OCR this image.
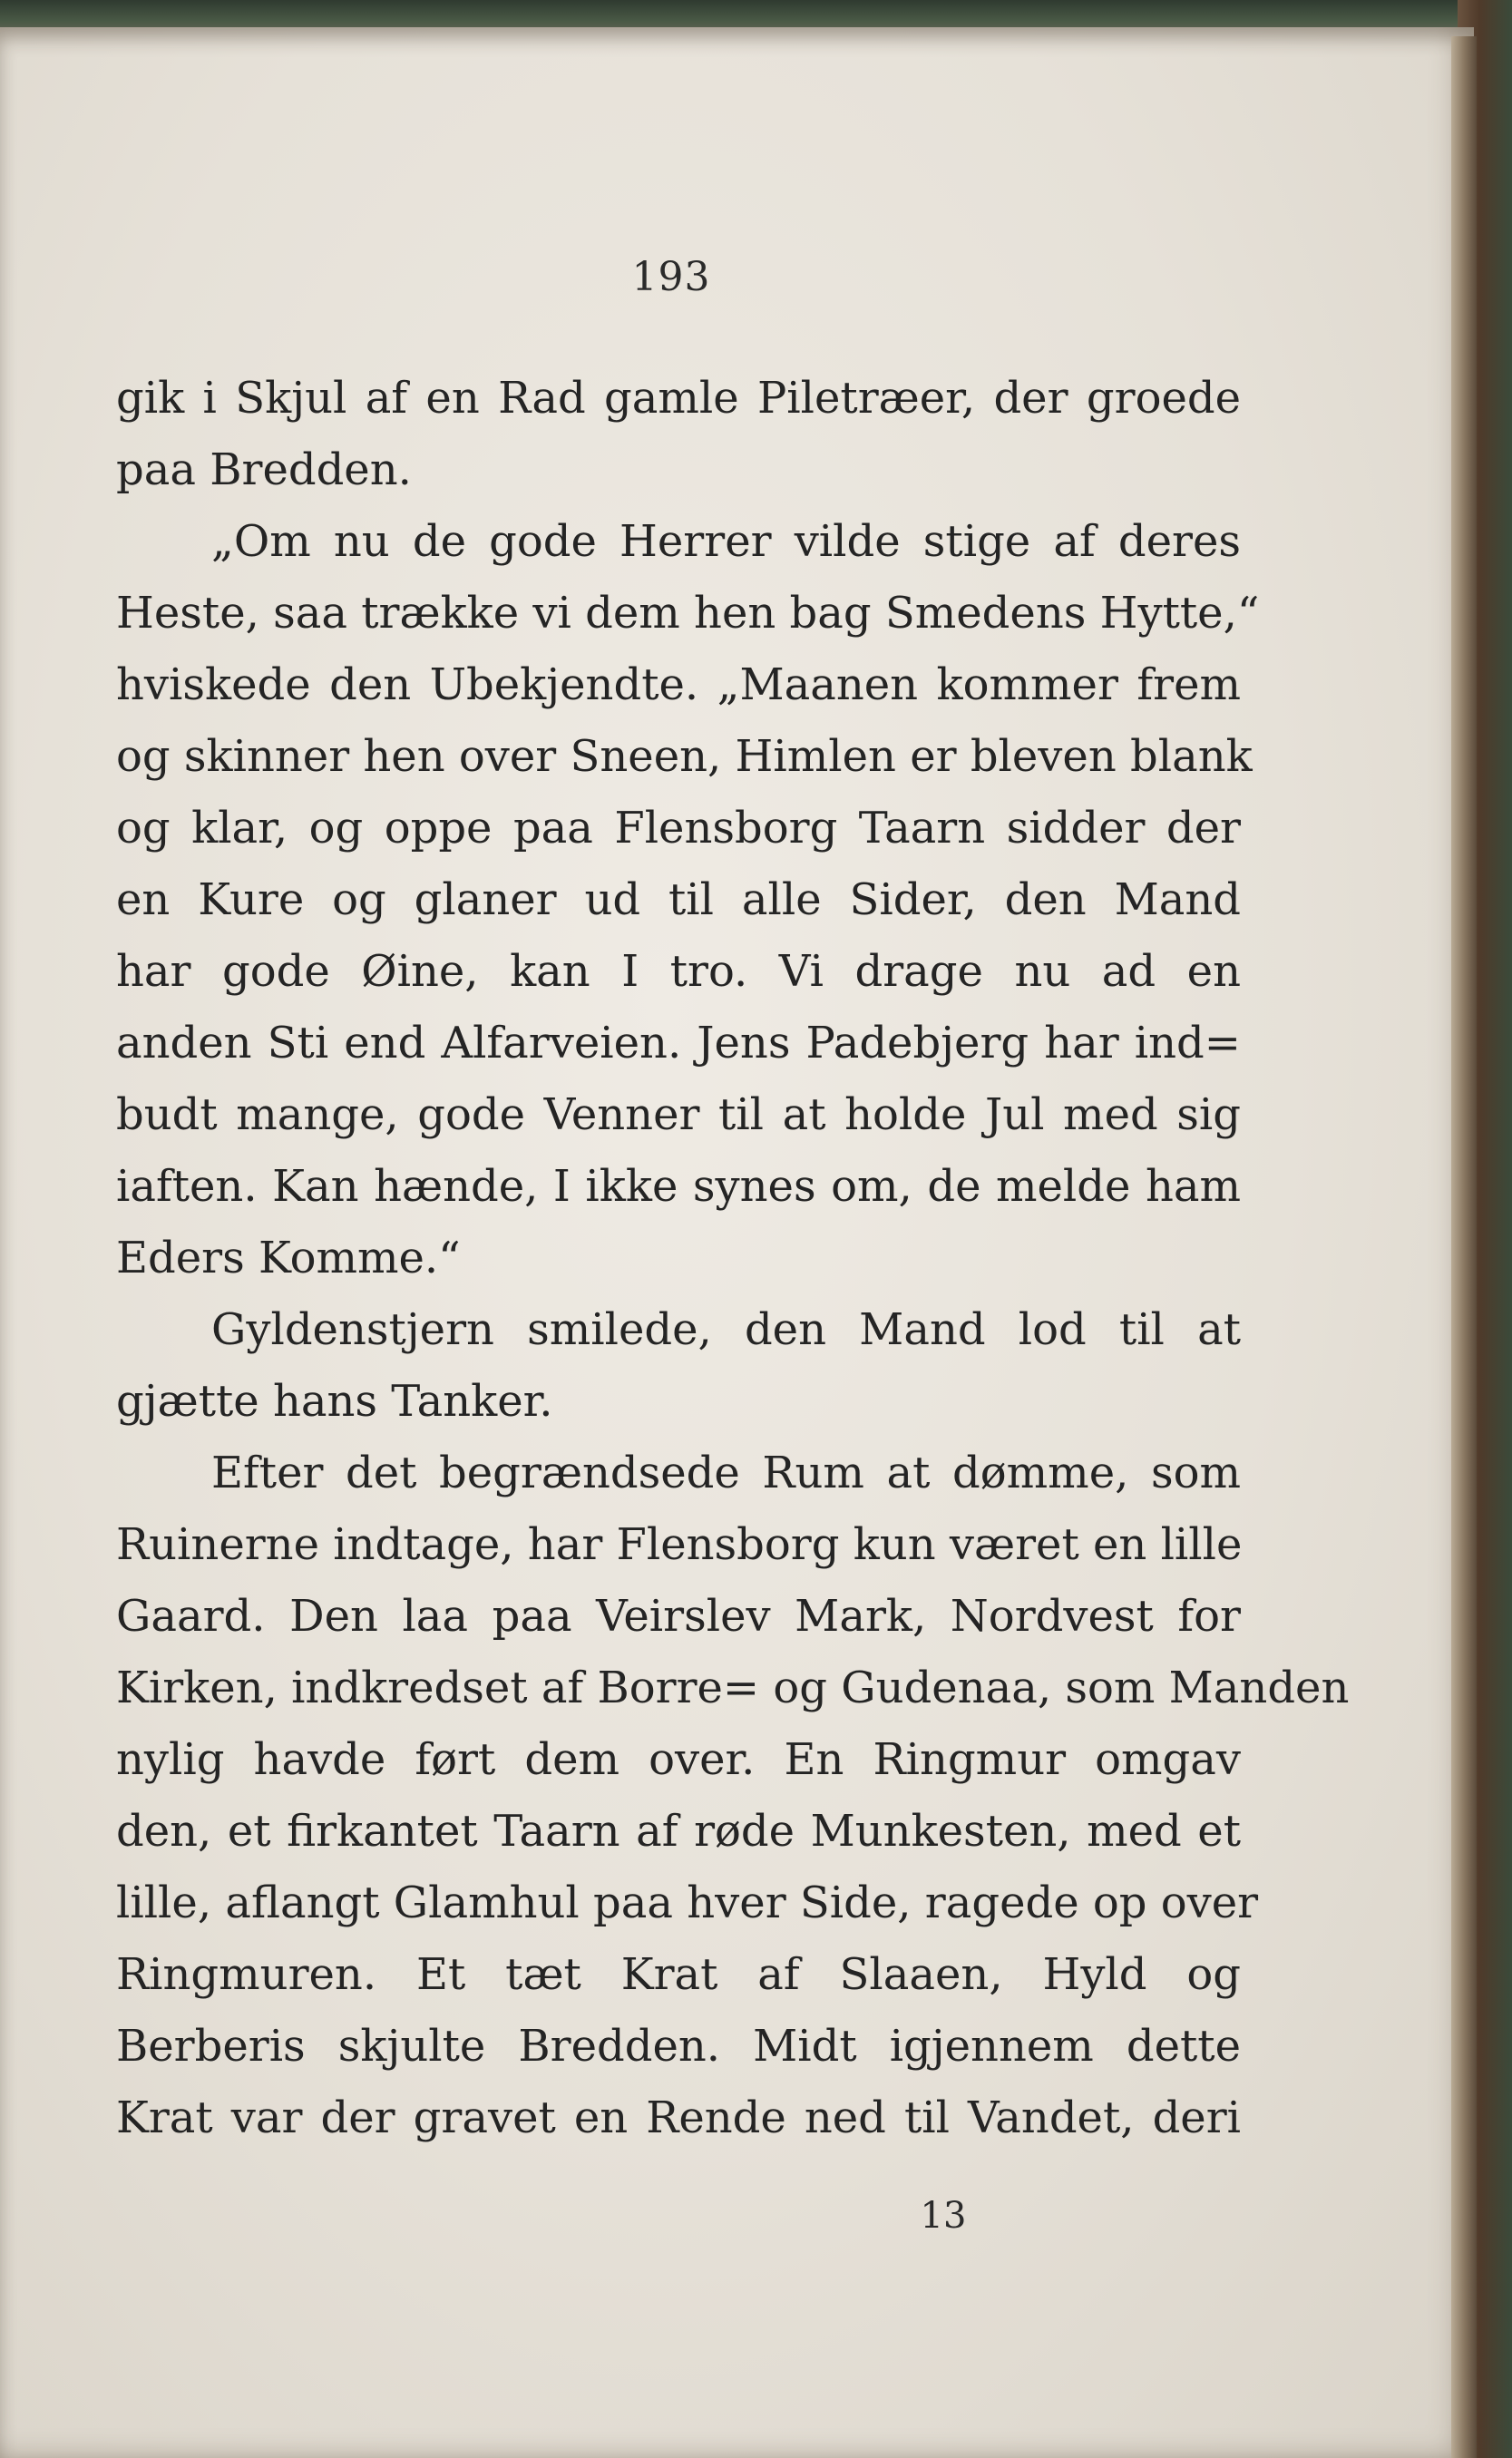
193
gik i Skjul af en Rad gamle Piletræer, der groede
paa Bredden.
„Om nu de gode Herrer vilde stige af deres
Heste, saa trække vi dem hen bag Smedens Hytte,“
hviskede den Ubekjendte. „Maanen kommer frem
og skinner hen over Sneen, Himlen er bleven blank
og klar, og oppe paa Flensborg Taarn sidder der
en Kure og glaner ud til alle Sider, den Mand
har gode Øine, kan I tro. Vi drage nu ad en
anden Sti end Alfarveien. Jens Padebjerg har ind=
budt mange, gode Venner til at holde Jul med sig
iaften. Kan hænde, I ikke synes om, de melde ham
Eders Komme.“
Gyldenstjern smilede, den Mand lod til at
gjætte hans Tanker.
Efter det begrændsede Rum at dømme, som
Ruinerne indtage, har Flensborg kun været en lille
Gaard. Den laa paa Veirslev Mark, Nordvest for
Kirken, indkredset af Borre= og Gudenaa, som Manden
nylig havde ført dem over. En Ringmur omgav
den, et firkantet Taarn af røde Munkesten, med et
lille, aflangt Glamhul paa hver Side, ragede op over
Ringmuren. Et tæt Krat af Slaaen, Hyld og
Berberis skjulte Bredden. Midt igjennem dette
Krat var der gravet en Rende ned til Vandet, deri
13
